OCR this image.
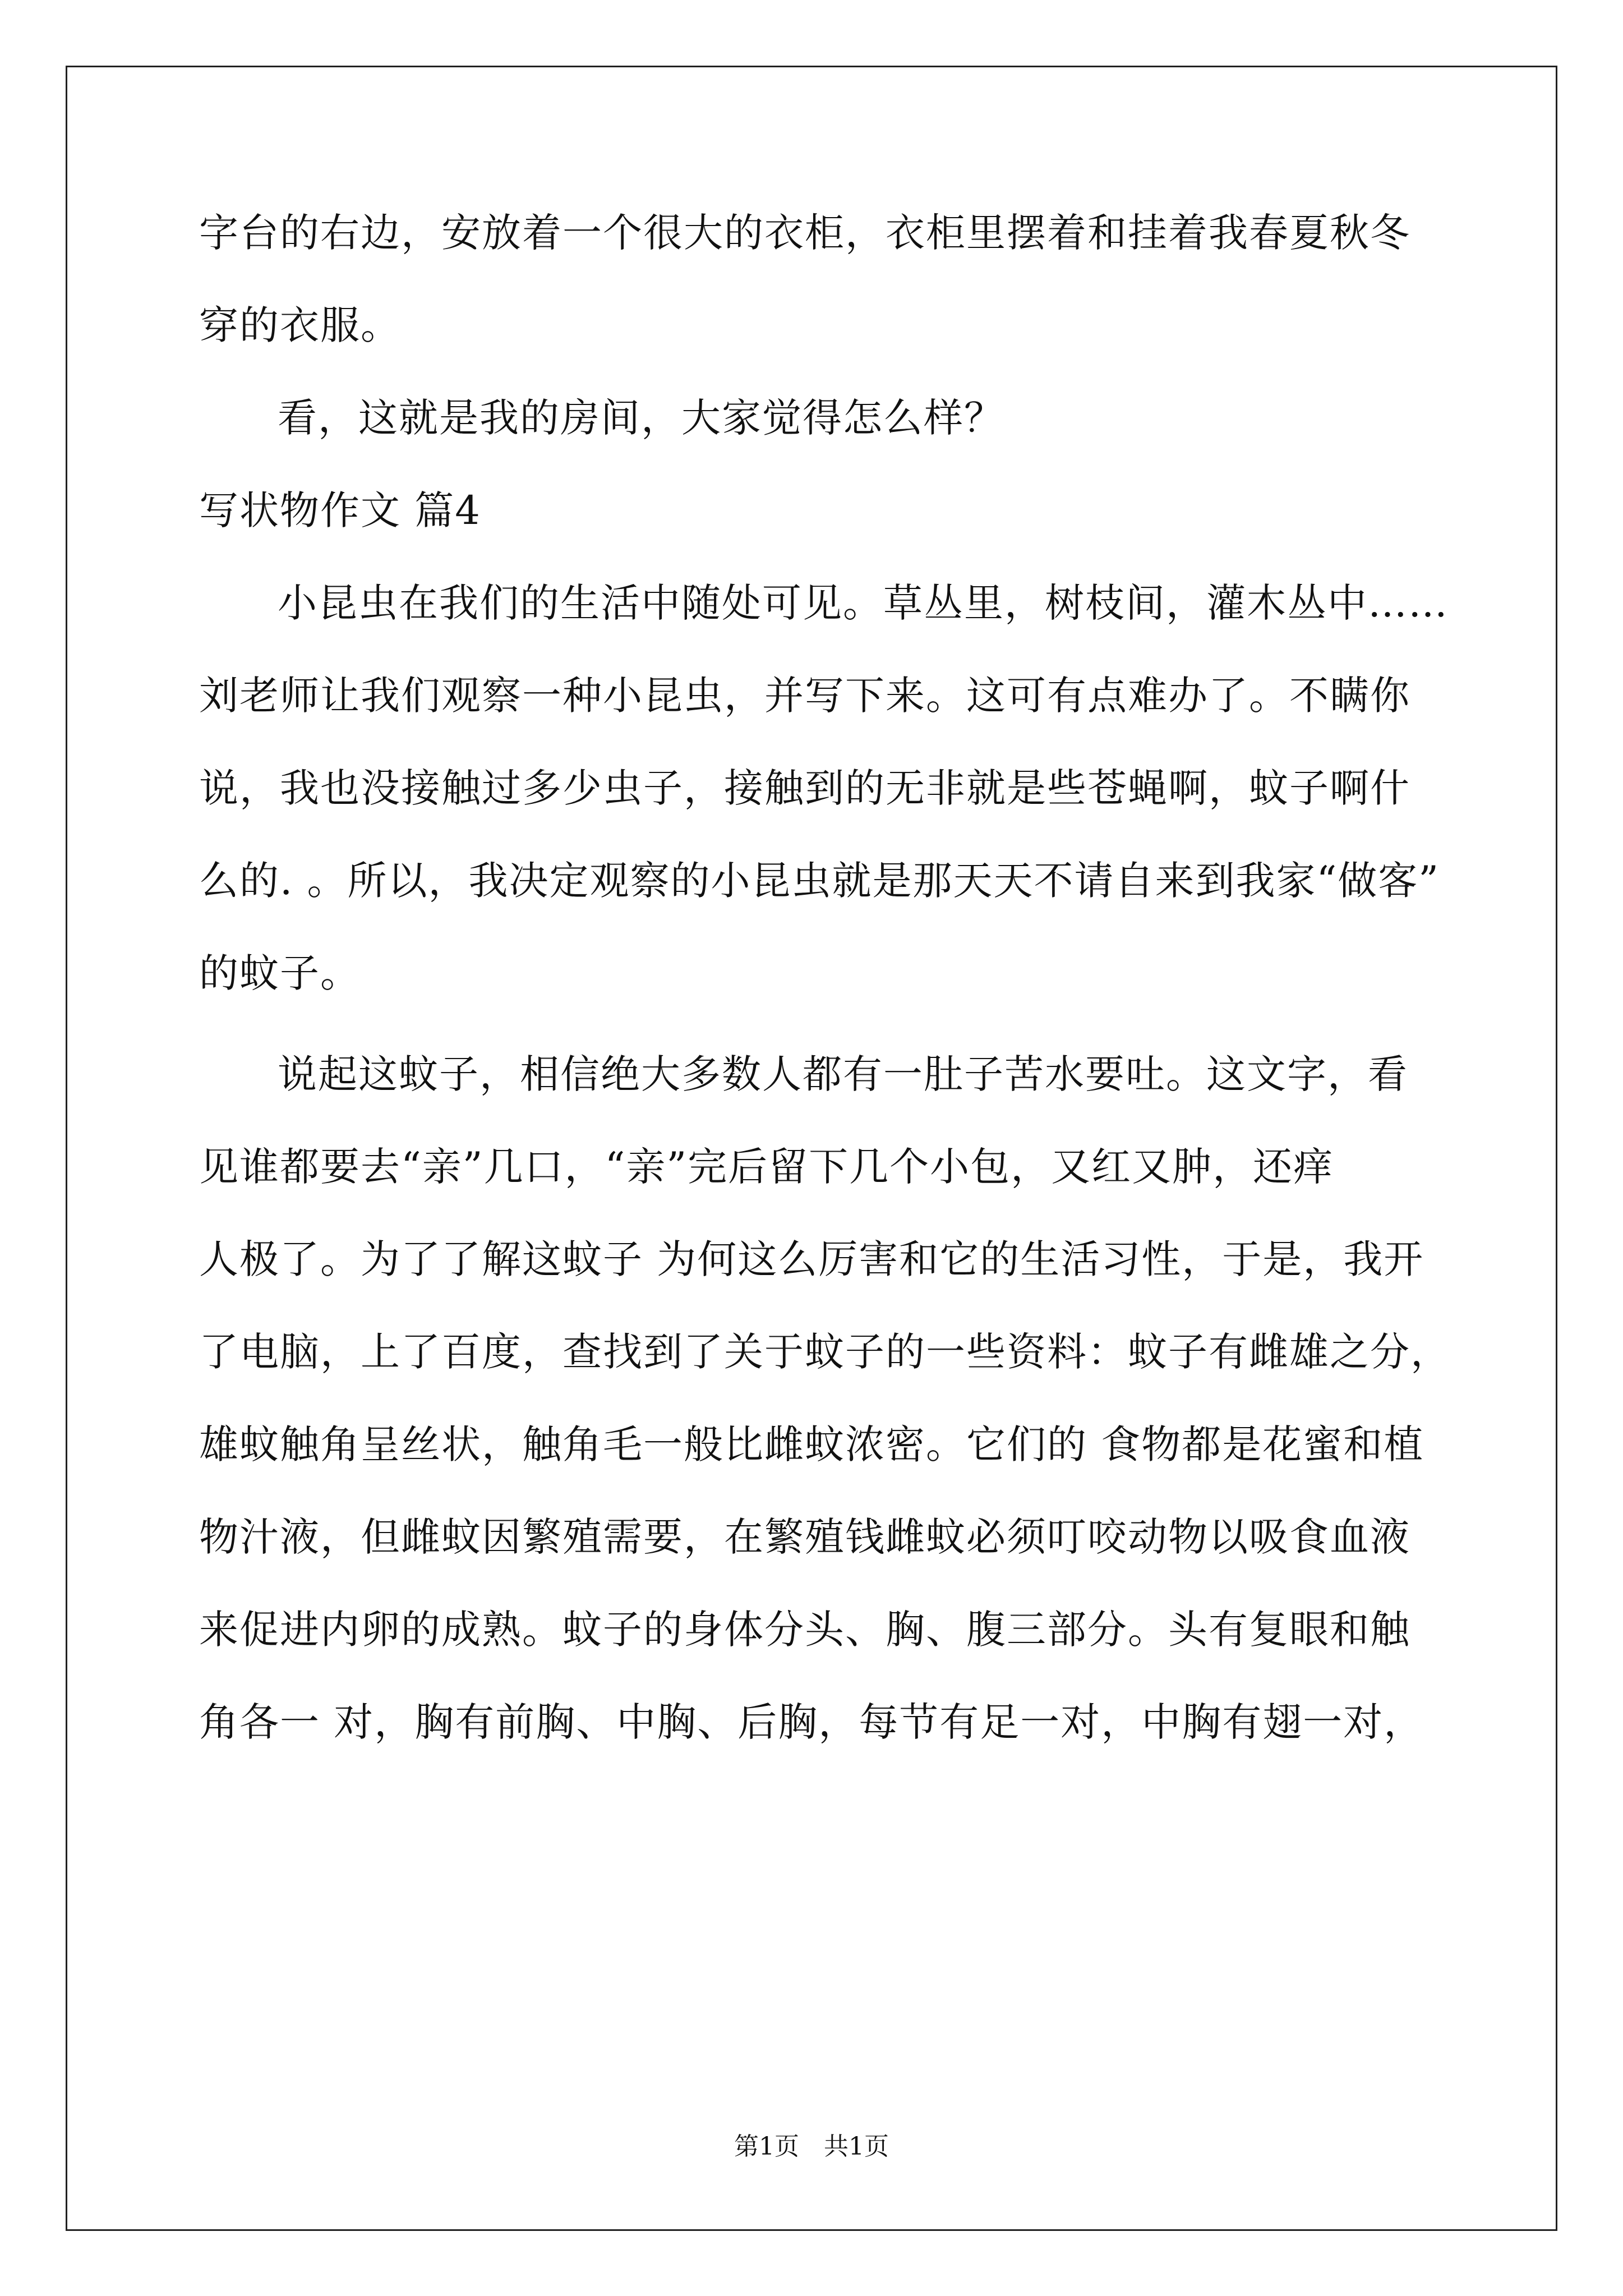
字台的右边，安放着一个很大的衣柜，衣柜里摆着和挂着我春夏秋冬
穿的衣服。
看，这就是我的房间，大家觉得怎么样？
写状物作文 篇4
小昆虫在我们的生活中随处可见。草丛里，树枝间，灌木丛中……
刘老师让我们观察一种小昆虫，并写下来。这可有点难办了。不瞒你
说，我也没接触过多少虫子，接触到的无非就是些苍蝇啊，蚊子啊什
么的. 。所以，我决定观察的小昆虫就是那天天不请自来到我家“做客”
的蚊子。
说起这蚊子，相信绝大多数人都有一肚子苦水要吐。这文字，看
见谁都要去“亲”几口，“亲”完后留下几个小包，又红又肿，还痒
人极了。为了了解这蚊子 为何这么厉害和它的生活习性，于是，我开
了电脑，上了百度，查找到了关于蚊子的一些资料：蚊子有雌雄之分，
雄蚊触角呈丝状，触角毛一般比雌蚊浓密。它们的 食物都是花蜜和植
物汁液，但雌蚊因繁殖需要，在繁殖钱雌蚊必须叮咬动物以吸食血液
来促进内卵的成熟。蚊子的身体分头、胸、腹三部分。头有复眼和触
角各一 对，胸有前胸、中胸、后胸，每节有足一对，中胸有翅一对，
第1页　共1页
